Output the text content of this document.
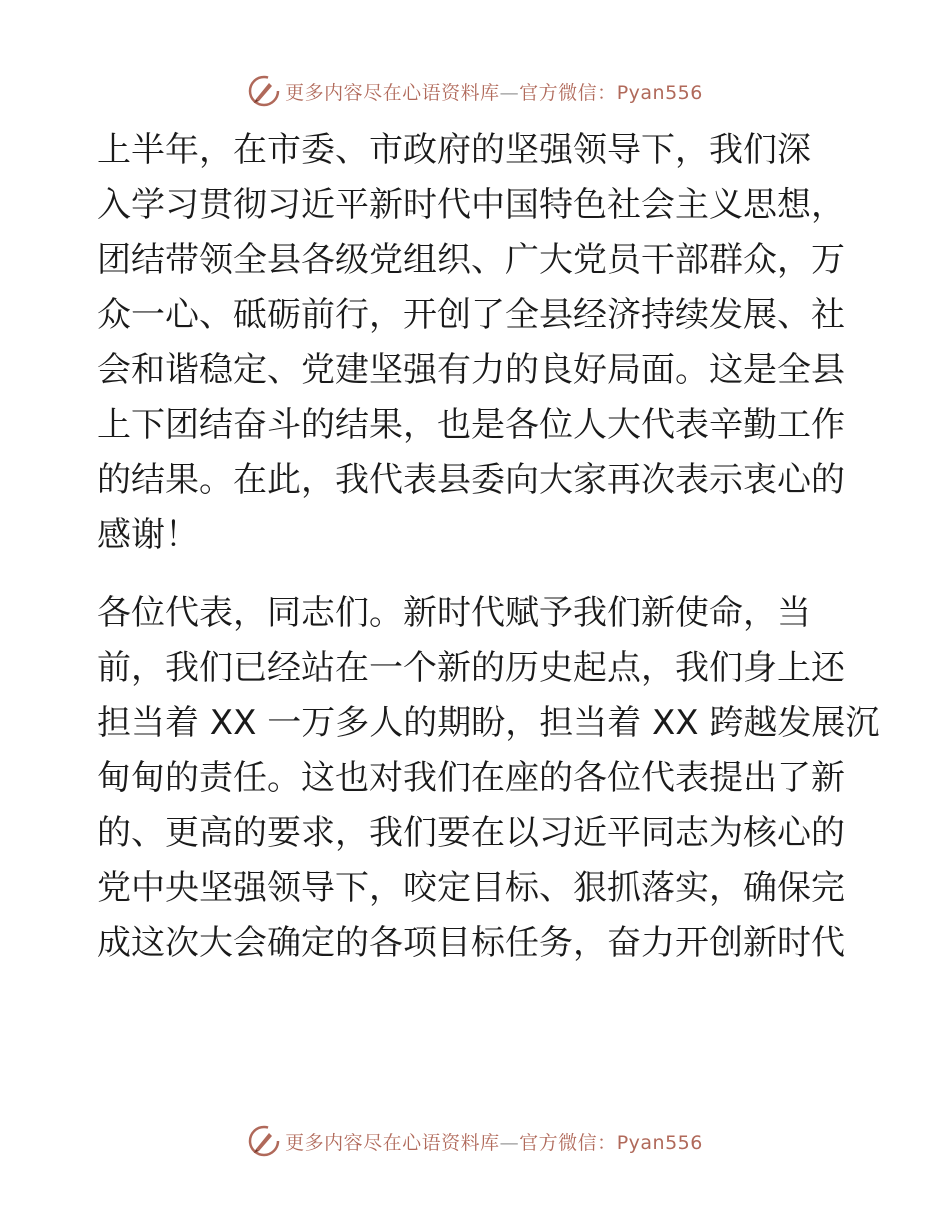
更多内容尽在心语资料库—官方微信：Pyan556

上半年，在市委、市政府的坚强领导下，我们深
入学习贯彻习近平新时代中国特色社会主义思想，
团结带领全县各级党组织、广大党员干部群众，万
众一心、砥砺前行，开创了全县经济持续发展、社
会和谐稳定、党建坚强有力的良好局面。这是全县
上下团结奋斗的结果，也是各位人大代表辛勤工作
的结果。在此，我代表县委向大家再次表示衷心的
感谢！

各位代表，同志们。新时代赋予我们新使命，当
前，我们已经站在一个新的历史起点，我们身上还
担当着 XX 一万多人的期盼，担当着 XX 跨越发展沉
甸甸的责任。这也对我们在座的各位代表提出了新
的、更高的要求，我们要在以习近平同志为核心的
党中央坚强领导下，咬定目标、狠抓落实，确保完
成这次大会确定的各项目标任务，奋力开创新时代

更多内容尽在心语资料库—官方微信：Pyan556
